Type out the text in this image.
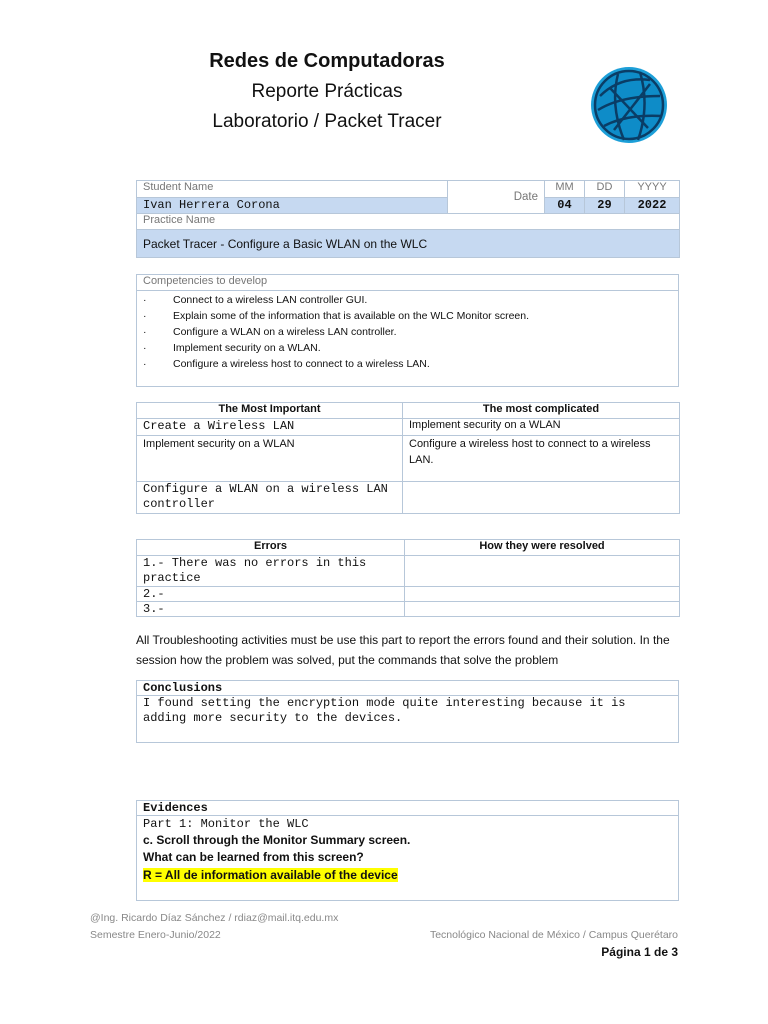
Redes de Computadoras
Reporte Prácticas
Laboratorio / Packet Tracer
Student Name	Date	MM	DD	YYYY
Ivan Herrera Corona		04	29	2022
Practice Name				
Packet Tracer - Configure a Basic WLAN on the WLC				
Competencies to develop

· Connect to a wireless LAN controller GUI.
· Explain some of the information that is available on the WLC Monitor screen.
· Configure a WLAN on a wireless LAN controller.
· Implement security on a WLAN.
· Configure a wireless host to connect to a wireless LAN.
The Most Important	The most complicated
Create a Wireless LAN	Implement security on a WLAN
Implement security on a WLAN	Configure a wireless host to connect to a wireless LAN.
Configure a WLAN on a wireless LAN controller	
Errors	How they were resolved
1.- There was no errors in this practice	
2.-	
3.-	
All Troubleshooting activities must be use this part to report the errors found and their solution. In the session how the problem was solved, put the commands that solve the problem
Conclusions
I found setting the encryption mode quite interesting because it is adding more security to the devices.
Evidences

Part 1: Monitor the WLC
c. Scroll through the Monitor Summary screen.
What can be learned from this screen?
R = All de information available of the device
@Ing. Ricardo Díaz Sánchez / rdiaz@mail.itq.edu.mx
Semestre Enero-Junio/2022	Tecnológico Nacional de México / Campus Querétaro
Página 1 de 3
